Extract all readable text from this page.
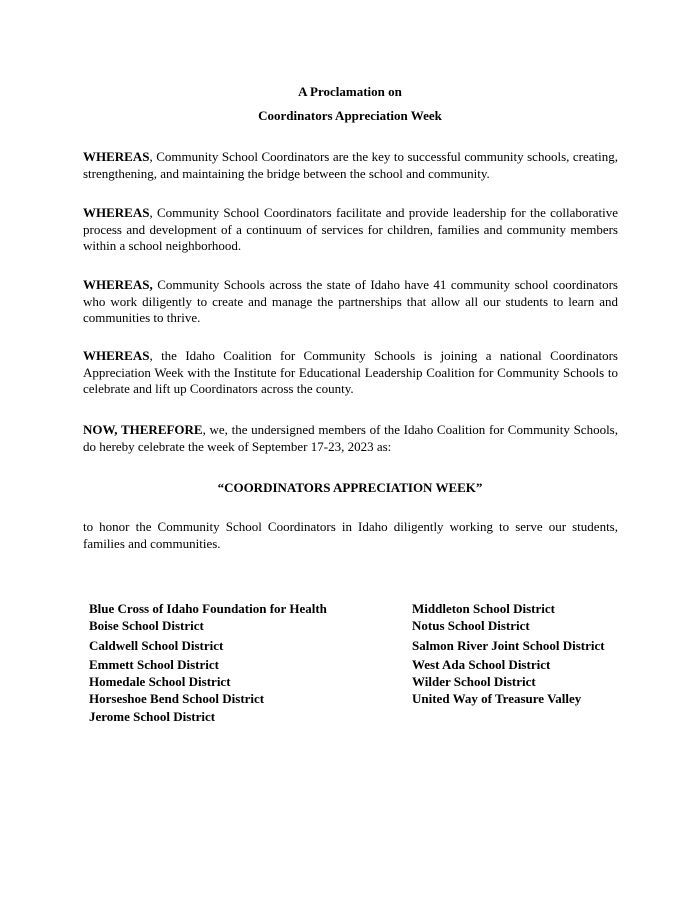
A Proclamation on
Coordinators Appreciation Week
WHEREAS, Community School Coordinators are the key to successful community schools, creating, strengthening, and maintaining the bridge between the school and community.
WHEREAS, Community School Coordinators facilitate and provide leadership for the collaborative process and development of a continuum of services for children, families and community members within a school neighborhood.
WHEREAS, Community Schools across the state of Idaho have 41 community school coordinators who work diligently to create and manage the partnerships that allow all our students to learn and communities to thrive.
WHEREAS, the Idaho Coalition for Community Schools is joining a national Coordinators Appreciation Week with the Institute for Educational Leadership Coalition for Community Schools to celebrate and lift up Coordinators across the county.
NOW, THEREFORE, we, the undersigned members of the Idaho Coalition for Community Schools, do hereby celebrate the week of September 17-23, 2023 as:
“COORDINATORS APPRECIATION WEEK”
to honor the Community School Coordinators in Idaho diligently working to serve our students, families and communities.
Blue Cross of Idaho Foundation for Health
Boise School District
Caldwell School District
Emmett School District
Homedale School District
Horseshoe Bend School District
Jerome School District
Middleton School District
Notus School District
Salmon River Joint School District
West Ada School District
Wilder School District
United Way of Treasure Valley
